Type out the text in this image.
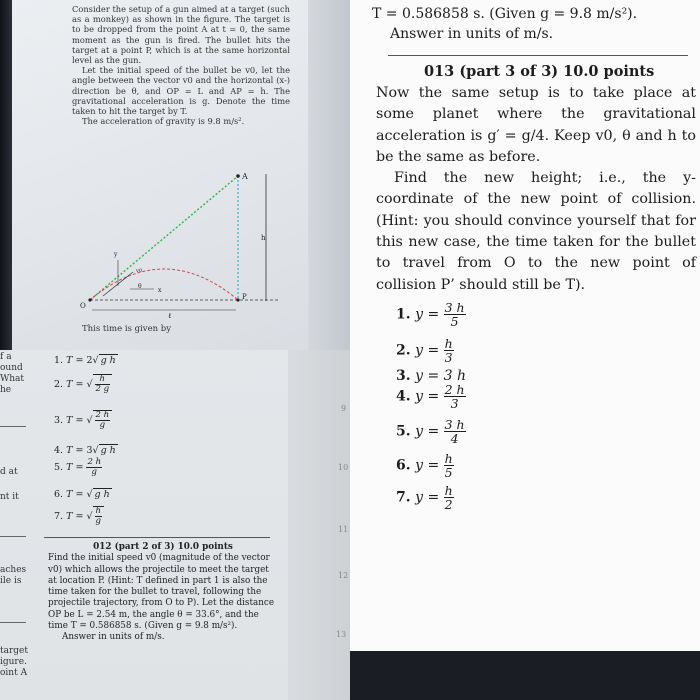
Consider the setup of a gun aimed at a target (such as a monkey) as shown in the figure. The target is to be dropped from the point A at t = 0, the same moment as the gun is fired. The bullet hits the target at a point P, which is at the same horizontal level as the gun.

Let the initial speed of the bullet be v0, let the angle between the vector v0 and the horizontal (x-) direction be θ, and OP = L and AP = h. The gravitational acceleration is g. Denote the time taken to hit the target by T.

The acceleration of gravity is 9.8 m/s².

A
y
x
v0
θ
O
P
ℓ
h
This time is given by
f a
ound
What
he
d at
nt it
aches
ile is
target
igure.
oint A
1. T = 2√ g h
2. T = √ $\frac{h}{2 g}$
3. T = √ $\frac{2 h}{g}$
4. T = 3√ g h
5. $T = \frac{2 h}{g}$
6. T = √ g h
7. T = √ $\frac{h}{g}$
9
10
11
12
13

012 (part 2 of 3) 10.0 points

Find the initial speed v0 (magnitude of the vector v0) which allows the projectile to meet the target at location P. (Hint: T defined in part 1 is also the time taken for the bullet to travel, following the projectile trajectory, from O to P). Let the distance OP be L = 2.54 m, the angle θ = 33.6°, and the time T = 0.586858 s. (Given g = 9.8 m/s²).

Answer in units of m/s.

T = 0.586858 s. (Given g = 9.8 m/s²).
Answer in units of m/s.
013 (part 3 of 3) 10.0 points

Now the same setup is to take place at some planet where the gravitational acceleration is g′ = g/4. Keep v0, θ and h to be the same as before.

Find the new height; i.e., the y-coordinate of the new point of collision. (Hint: you should convince yourself that for this new case, the time taken for the bullet to travel from O to the new point of collision P’ should still be T).

1. $y = \frac{3 h}{5}$
2. $y = \frac{h}{3}$
3. y = 3 h
4. $y = \frac{2 h}{3}$
5. $y = \frac{3 h}{4}$
6. $y = \frac{h}{5}$
7. $y = \frac{h}{2}$
